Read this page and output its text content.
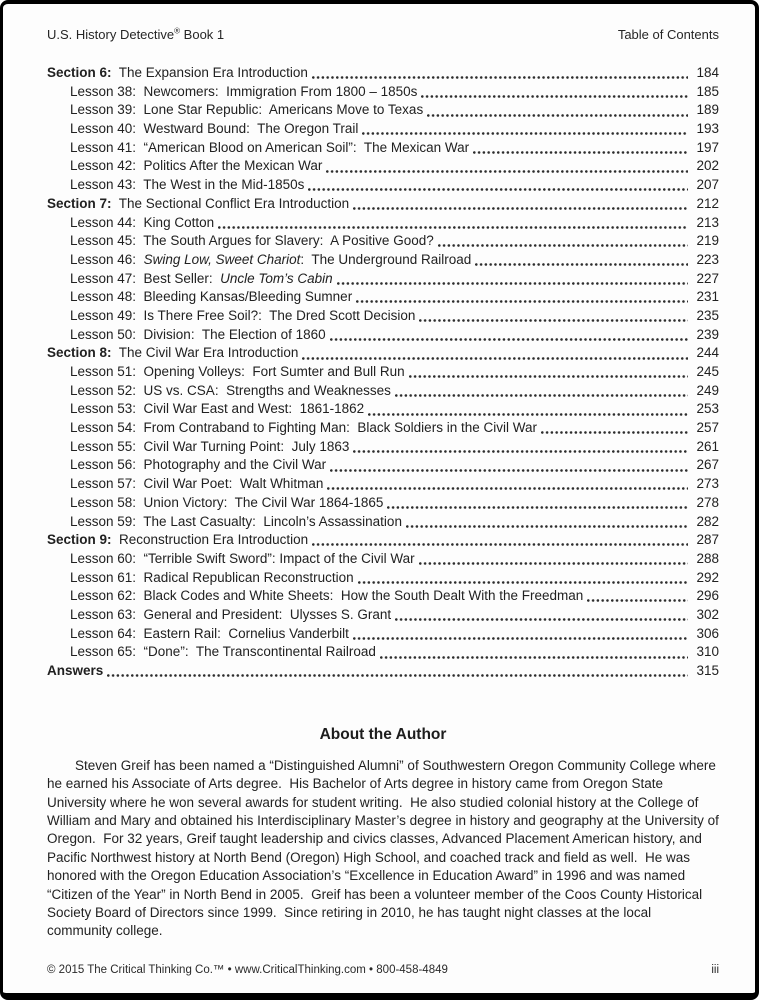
U.S. History Detective® Book 1	Table of Contents
Section 6:  The Expansion Era Introduction	184
Lesson 38:  Newcomers:  Immigration From 1800 – 1850s	185
Lesson 39:  Lone Star Republic:  Americans Move to Texas	189
Lesson 40:  Westward Bound:  The Oregon Trail	193
Lesson 41:  “American Blood on American Soil”:  The Mexican War	197
Lesson 42:  Politics After the Mexican War	202
Lesson 43:  The West in the Mid-1850s	207
Section 7:  The Sectional Conflict Era Introduction	212
Lesson 44:  King Cotton	213
Lesson 45:  The South Argues for Slavery:  A Positive Good?	219
Lesson 46:  Swing Low, Sweet Chariot:  The Underground Railroad	223
Lesson 47:  Best Seller:  Uncle Tom’s Cabin	227
Lesson 48:  Bleeding Kansas/Bleeding Sumner	231
Lesson 49:  Is There Free Soil?:  The Dred Scott Decision	235
Lesson 50:  Division:  The Election of 1860	239
Section 8:  The Civil War Era Introduction	244
Lesson 51:  Opening Volleys:  Fort Sumter and Bull Run	245
Lesson 52:  US vs. CSA:  Strengths and Weaknesses	249
Lesson 53:  Civil War East and West:  1861-1862	253
Lesson 54:  From Contraband to Fighting Man:  Black Soldiers in the Civil War	257
Lesson 55:  Civil War Turning Point:  July 1863	261
Lesson 56:  Photography and the Civil War	267
Lesson 57:  Civil War Poet:  Walt Whitman	273
Lesson 58:  Union Victory:  The Civil War 1864-1865	278
Lesson 59:  The Last Casualty:  Lincoln’s Assassination	282
Section 9:  Reconstruction Era Introduction	287
Lesson 60:  “Terrible Swift Sword”: Impact of the Civil War	288
Lesson 61:  Radical Republican Reconstruction	292
Lesson 62:  Black Codes and White Sheets:  How the South Dealt With the Freedman	296
Lesson 63:  General and President:  Ulysses S. Grant	302
Lesson 64:  Eastern Rail:  Cornelius Vanderbilt	306
Lesson 65:  “Done”:  The Transcontinental Railroad	310
Answers	315
About the Author

Steven Greif has been named a “Distinguished Alumni” of Southwestern Oregon Community College where he earned his Associate of Arts degree.  His Bachelor of Arts degree in history came from Oregon State University where he won several awards for student writing.  He also studied colonial history at the College of William and Mary and obtained his Interdisciplinary Master’s degree in history and geography at the University of Oregon.  For 32 years, Greif taught leadership and civics classes, Advanced Placement American history, and Pacific Northwest history at North Bend (Oregon) High School, and coached track and field as well.  He was honored with the Oregon Education Association’s “Excellence in Education Award” in 1996 and was named “Citizen of the Year” in North Bend in 2005.  Greif has been a volunteer member of the Coos County Historical Society Board of Directors since 1999.  Since retiring in 2010, he has taught night classes at the local community college.

© 2015 The Critical Thinking Co.™ • www.CriticalThinking.com • 800-458-4849	iii
